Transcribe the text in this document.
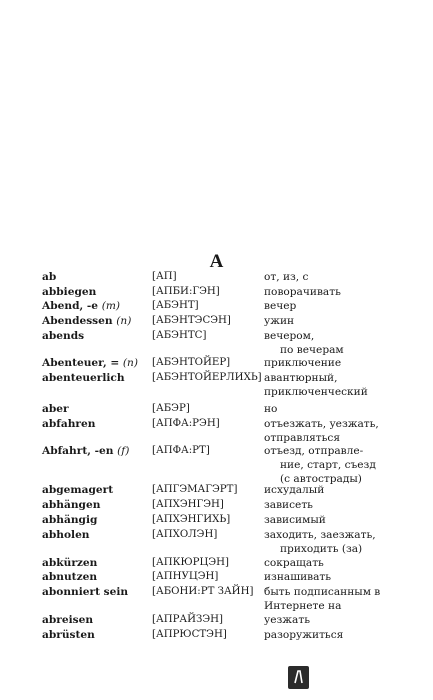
A
ab	[АП]	от, из, с
abbiegen	[АПБИ:ГЭН]	поворачивать
Abend, -e (m)	[АБЭНТ]	вечер
Abendessen (n) [АБЭНТЭСЭН]	ужин
abends	[АБЭНТС]	вечером,
по вечерам
Abenteuer, = (n) [АБЭНТОЙЕР]	приключение
abenteuerlich	[АБЭНТОЙЕРЛИХЬ] авантюрный,
приключенческий
aber	[АБЭР]	но
abfahren	[АПФА:РЭН]	отъезжать, уезжать,
отправляться
Abfahrt, -en (f) [АПФА:РТ]	отъезд, отправле-
ние, старт, съезд
(с автострады)
abgemagert	[АПГЭМАГЭРТ]	исхудалый
abhängen	[АПХЭНГЭН]	зависеть
abhängig	[АПХЭНГИХЬ]	зависимый
abholen	[АПХОЛЭН]	заходить, заезжать,
приходить (за)
abkürzen	[АПКЮРЦЭН]	сокращать
abnutzen	[АПНУЦЭН]	изнашивать
abonniert sein [АБОНИ:РТ ЗАЙН] быть подписанным в
Интернете на
abreisen	[АПРАЙЗЭН]	уезжать
abrüsten	[АПРЮСТЭН]	разоружиться
